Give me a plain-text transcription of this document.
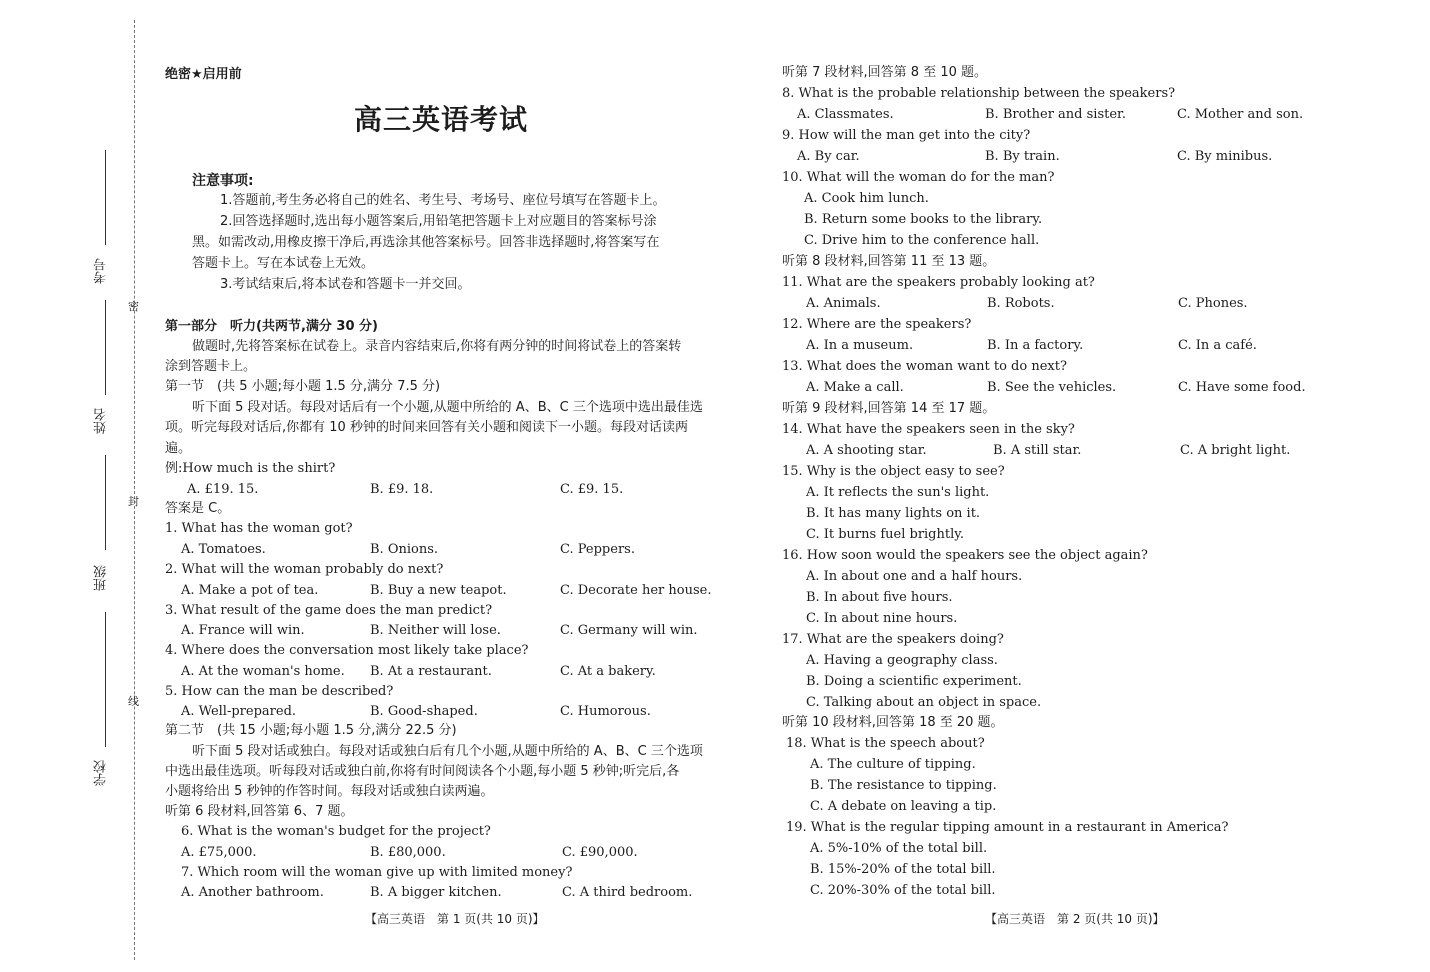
考号
姓名
班级
学校
密
封
线
绝密★启用前
高三英语考试
注意事项:
1.答题前,考生务必将自己的姓名、考生号、考场号、座位号填写在答题卡上。
2.回答选择题时,选出每小题答案后,用铅笔把答题卡上对应题目的答案标号涂
黑。如需改动,用橡皮擦干净后,再选涂其他答案标号。回答非选择题时,将答案写在
答题卡上。写在本试卷上无效。
3.考试结束后,将本试卷和答题卡一并交回。
第一部分　听力(共两节,满分 30 分)
做题时,先将答案标在试卷上。录音内容结束后,你将有两分钟的时间将试卷上的答案转
涂到答题卡上。
第一节　(共 5 小题;每小题 1.5 分,满分 7.5 分)
听下面 5 段对话。每段对话后有一个小题,从题中所给的 A、B、C 三个选项中选出最佳选
项。听完每段对话后,你都有 10 秒钟的时间来回答有关小题和阅读下一小题。每段对话读两
遍。
例:How much is the shirt?
A. £19. 15.	B. £9. 18.	C. £9. 15.
答案是 C。
1. What has the woman got?
A. Tomatoes.	B. Onions.	C. Peppers.
2. What will the woman probably do next?
A. Make a pot of tea.	B. Buy a new teapot.	C. Decorate her house.
3. What result of the game does the man predict?
A. France will win.	B. Neither will lose.	C. Germany will win.
4. Where does the conversation most likely take place?
A. At the woman's home. B. At a restaurant.	C. At a bakery.
5. How can the man be described?
A. Well-prepared.	B. Good-shaped.	C. Humorous.
第二节　(共 15 小题;每小题 1.5 分,满分 22.5 分)
听下面 5 段对话或独白。每段对话或独白后有几个小题,从题中所给的 A、B、C 三个选项
中选出最佳选项。听每段对话或独白前,你将有时间阅读各个小题,每小题 5 秒钟;听完后,各
小题将给出 5 秒钟的作答时间。每段对话或独白读两遍。
听第 6 段材料,回答第 6、7 题。
6. What is the woman's budget for the project?
A. £75,000.	B. £80,000.	C. £90,000.
7. Which room will the woman give up with limited money?
A. Another bathroom.	B. A bigger kitchen.	C. A third bedroom.
【高三英语　第 1 页(共 10 页)】
听第 7 段材料,回答第 8 至 10 题。
8. What is the probable relationship between the speakers?
A. Classmates.	B. Brother and sister.	C. Mother and son.
9. How will the man get into the city?
A. By car.	B. By train.	C. By minibus.
10. What will the woman do for the man?
A. Cook him lunch.
B. Return some books to the library.
C. Drive him to the conference hall.
听第 8 段材料,回答第 11 至 13 题。
11. What are the speakers probably looking at?
A. Animals.	B. Robots.	C. Phones.
12. Where are the speakers?
A. In a museum.	B. In a factory.	C. In a café.
13. What does the woman want to do next?
A. Make a call.	B. See the vehicles.	C. Have some food.
听第 9 段材料,回答第 14 至 17 题。
14. What have the speakers seen in the sky?
A. A shooting star.	B. A still star.	C. A bright light.
15. Why is the object easy to see?
A. It reflects the sun's light.
B. It has many lights on it.
C. It burns fuel brightly.
16. How soon would the speakers see the object again?
A. In about one and a half hours.
B. In about five hours.
C. In about nine hours.
17. What are the speakers doing?
A. Having a geography class.
B. Doing a scientific experiment.
C. Talking about an object in space.
听第 10 段材料,回答第 18 至 20 题。
18. What is the speech about?
A. The culture of tipping.
B. The resistance to tipping.
C. A debate on leaving a tip.
19. What is the regular tipping amount in a restaurant in America?
A. 5%-10% of the total bill.
B. 15%-20% of the total bill.
C. 20%-30% of the total bill.
【高三英语　第 2 页(共 10 页)】
